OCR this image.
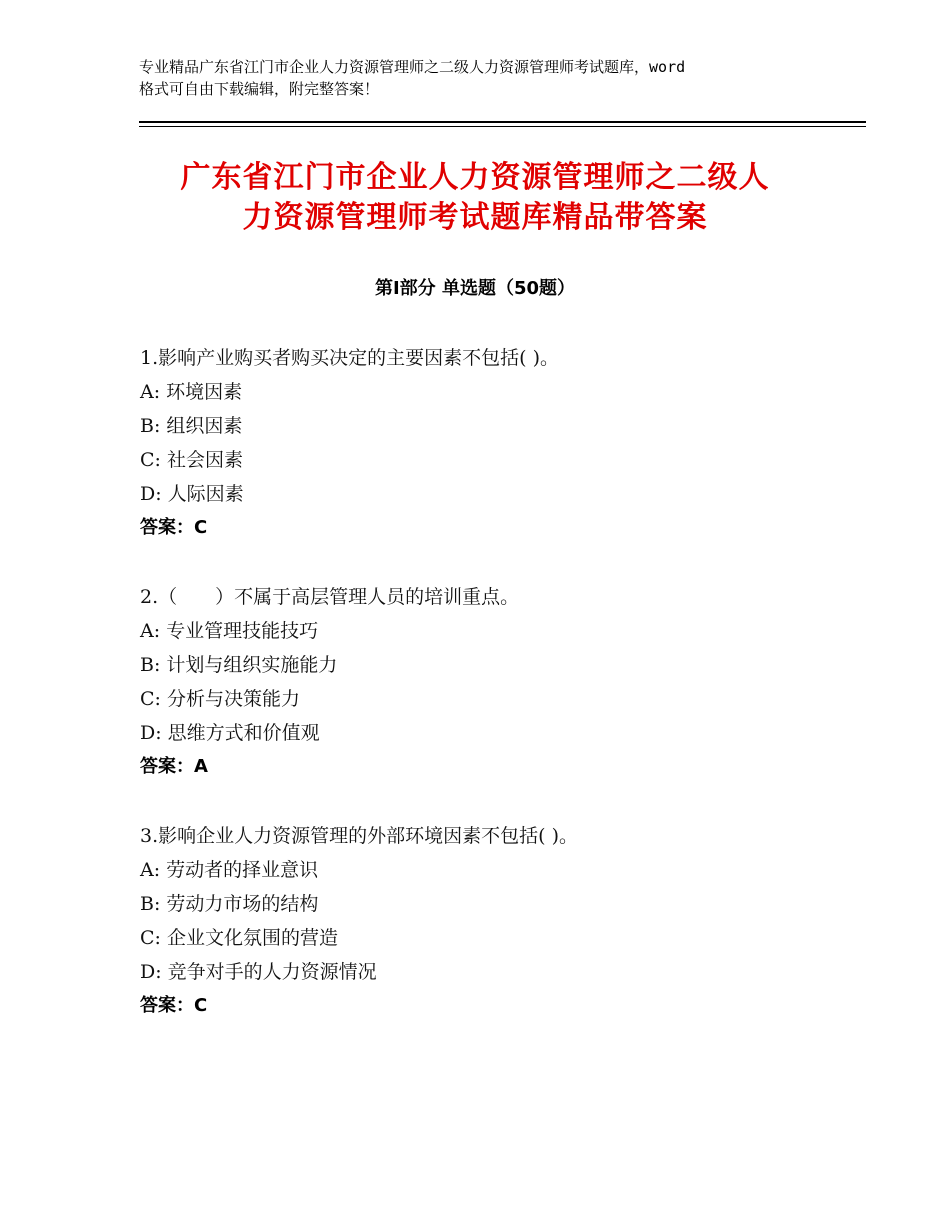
专业精品广东省江门市企业人力资源管理师之二级人力资源管理师考试题库，word
格式可自由下载编辑，附完整答案！
广东省江门市企业人力资源管理师之二级人
力资源管理师考试题库精品带答案
第Ⅰ部分 单选题（50题）
1.影响产业购买者购买决定的主要因素不包括( )。
A: 环境因素
B: 组织因素
C: 社会因素
D: 人际因素
答案：C
2.（　　）不属于高层管理人员的培训重点。
A: 专业管理技能技巧
B: 计划与组织实施能力
C: 分析与决策能力
D: 思维方式和价值观
答案：A
3.影响企业人力资源管理的外部环境因素不包括( )。
A: 劳动者的择业意识
B: 劳动力市场的结构
C: 企业文化氛围的营造
D: 竞争对手的人力资源情况
答案：C
